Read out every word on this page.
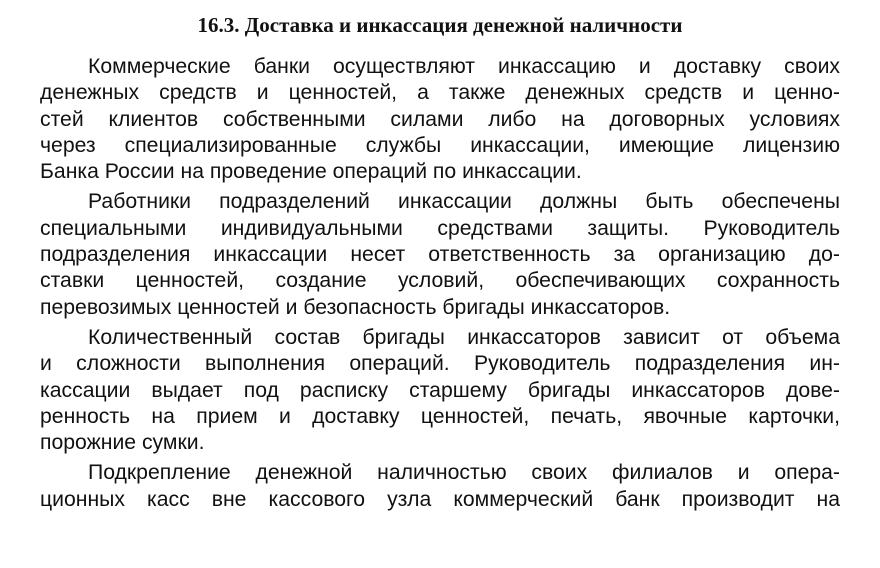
16.3. Доставка и инкассация денежной наличности
Коммерческие банки осуществляют инкассацию и доставку своих
денежных средств и ценностей, а также денежных средств и ценно-
стей клиентов собственными силами либо на договорных условиях
через специализированные службы инкассации, имеющие лицензию
Банка России на проведение операций по инкассации.
Работники подразделений инкассации должны быть обеспечены
специальными индивидуальными средствами защиты. Руководитель
подразделения инкассации несет ответственность за организацию до-
ставки ценностей, создание условий, обеспечивающих сохранность
перевозимых ценностей и безопасность бригады инкассаторов.
Количественный состав бригады инкассаторов зависит от объема
и сложности выполнения операций. Руководитель подразделения ин-
кассации выдает под расписку старшему бригады инкассаторов дове-
ренность на прием и доставку ценностей, печать, явочные карточки,
порожние сумки.
Подкрепление денежной наличностью своих филиалов и опера-
ционных касс вне кассового узла коммерческий банк производит на
